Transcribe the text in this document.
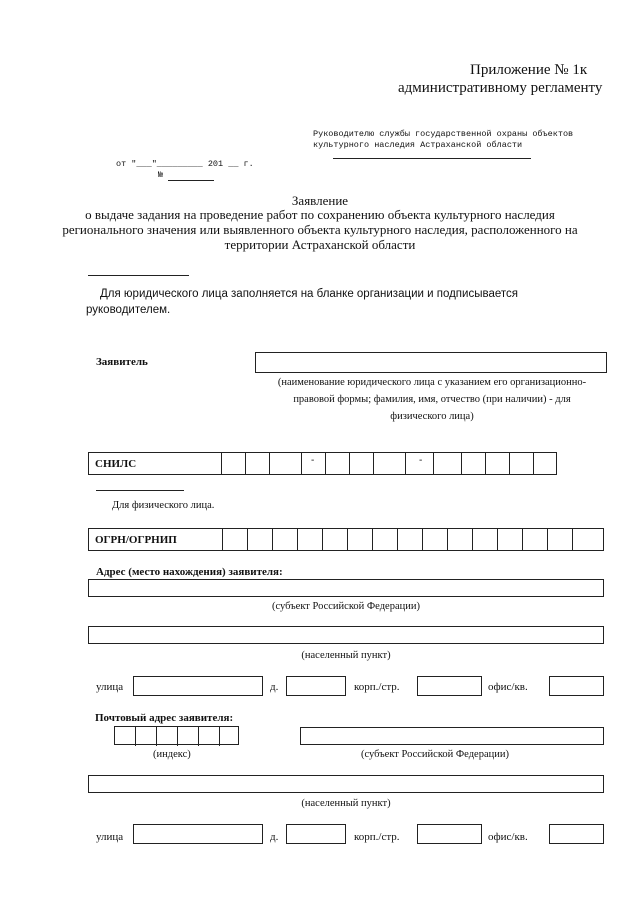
Приложение № 1к
административному регламенту
Руководителю службы государственной охраны объектов
культурного наследия Астраханской области
от "___"_________ 201 __ г.
№
Заявление
о выдаче задания на проведение работ по сохранению объекта культурного наследия
регионального значения или выявленного объекта культурного наследия, расположенного на
территории Астраханской области
Для юридического лица заполняется на бланке организации и подписывается
руководителем.
Заявитель
(наименование юридического лица с указанием его организационно-
правовой формы; фамилия, имя, отчество (при наличии) - для
физического лица)
СНИЛС	-	-
Для физического лица.
ОГРН/ОГРНИП
Адрес (место нахождения) заявителя:
(субъект Российской Федерации)
(населенный пункт)
улица	д.	корп./стр.	офис/кв.
Почтовый адрес заявителя:
(индекс)	(субъект Российской Федерации)
(населенный пункт)
улица	д.	корп./стр.	офис/кв.
